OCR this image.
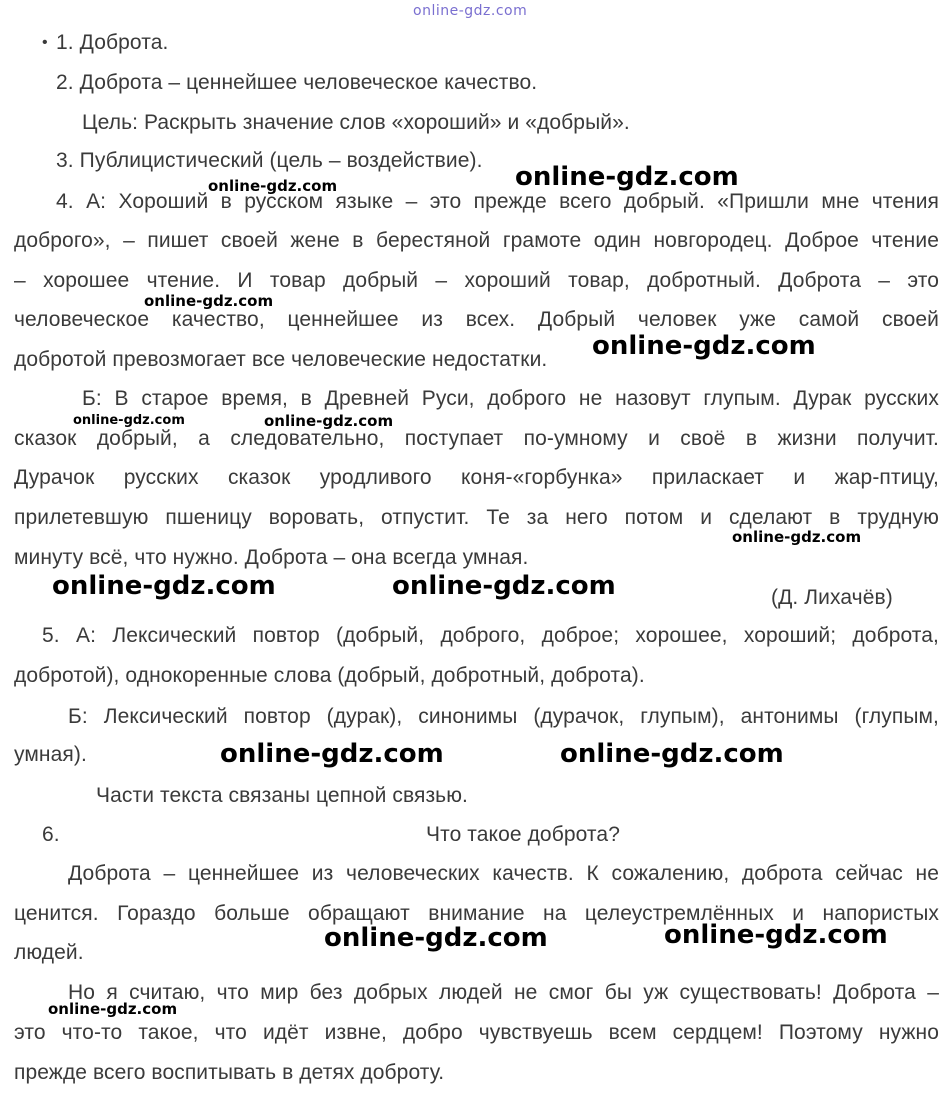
online-gdz.com
• 1. Доброта.
2. Доброта – ценнейшее человеческое качество.
Цель: Раскрыть значение слов «хороший» и «добрый».
3. Публицистический (цель – воздействие).
4. А: Хороший в русском языке – это прежде всего добрый. «Пришли мне чтения
доброго», – пишет своей жене в берестяной грамоте один новгородец. Доброе чтение
– хорошее чтение. И товар добрый – хороший товар, добротный. Доброта – это
человеческое качество, ценнейшее из всех. Добрый человек уже самой своей
добротой превозмогает все человеческие недостатки.
Б: В старое время, в Древней Руси, доброго не назовут глупым. Дурак русских
сказок добрый, а следовательно, поступает по-умному и своё в жизни получит.
Дурачок русских сказок уродливого коня-«горбунка» приласкает и жар-птицу,
прилетевшую пшеницу воровать, отпустит. Те за него потом и сделают в трудную
минуту всё, что нужно. Доброта – она всегда умная.
(Д. Лихачёв)
5. А: Лексический повтор (добрый, доброго, доброе; хорошее, хороший; доброта,
добротой), однокоренные слова (добрый, добротный, доброта).
Б: Лексический повтор (дурак), синонимы (дурачок, глупым), антонимы (глупым,
умная).
Части текста связаны цепной связью.
6.	Что такое доброта?
Доброта – ценнейшее из человеческих качеств. К сожалению, доброта сейчас не
ценится. Гораздо больше обращают внимание на целеустремлённых и напористых
людей.
Но я считаю, что мир без добрых людей не смог бы уж существовать! Доброта –
это что-то такое, что идёт извне, добро чувствуешь всем сердцем! Поэтому нужно
прежде всего воспитывать в детях доброту.
online-gdz.com	online-gdz.com
online-gdz.com
online-gdz.com
online-gdz.com	online-gdz.com
online-gdz.com
online-gdz.com	online-gdz.com
online-gdz.com	online-gdz.com
online-gdz.com	online-gdz.com
online-gdz.com
